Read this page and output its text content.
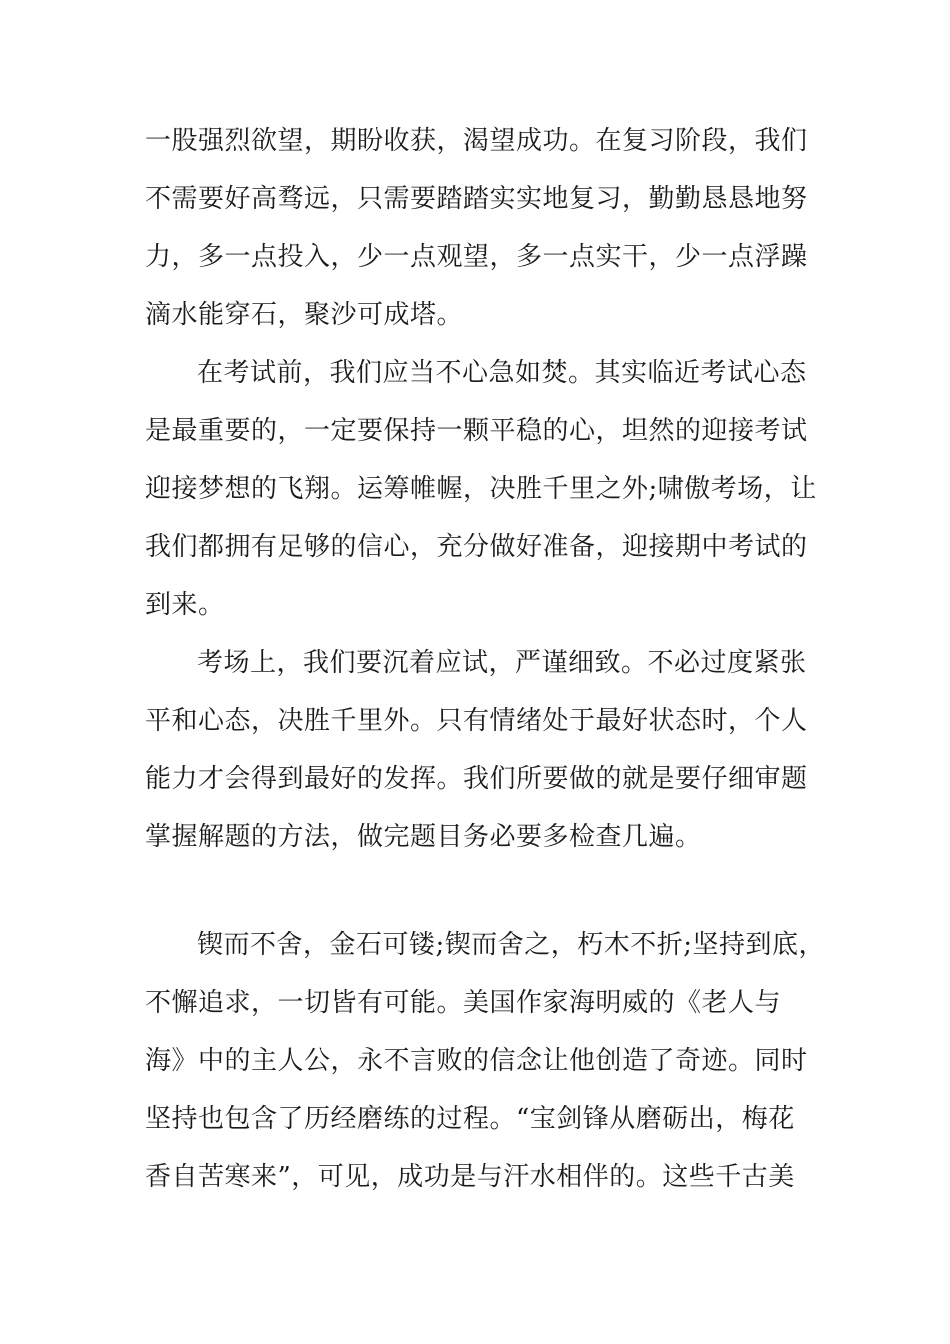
一股强烈欲望，期盼收获，渴望成功。在复习阶段，我们
不需要好高骛远，只需要踏踏实实地复习，勤勤恳恳地努
力，多一点投入，少一点观望，多一点实干，少一点浮躁
滴水能穿石，聚沙可成塔。
在考试前，我们应当不心急如焚。其实临近考试心态
是最重要的，一定要保持一颗平稳的心，坦然的迎接考试
迎接梦想的飞翔。运筹帷幄，决胜千里之外;啸傲考场，让
我们都拥有足够的信心，充分做好准备，迎接期中考试的
到来。
考场上，我们要沉着应试，严谨细致。不必过度紧张
平和心态，决胜千里外。只有情绪处于最好状态时，个人
能力才会得到最好的发挥。我们所要做的就是要仔细审题
掌握解题的方法，做完题目务必要多检查几遍。
锲而不舍，金石可镂;锲而舍之，朽木不折;坚持到底，
不懈追求，一切皆有可能。美国作家海明威的《老人与
海》中的主人公，永不言败的信念让他创造了奇迹。同时
坚持也包含了历经磨练的过程。“宝剑锋从磨砺出，梅花
香自苦寒来”，可见，成功是与汗水相伴的。这些千古美
